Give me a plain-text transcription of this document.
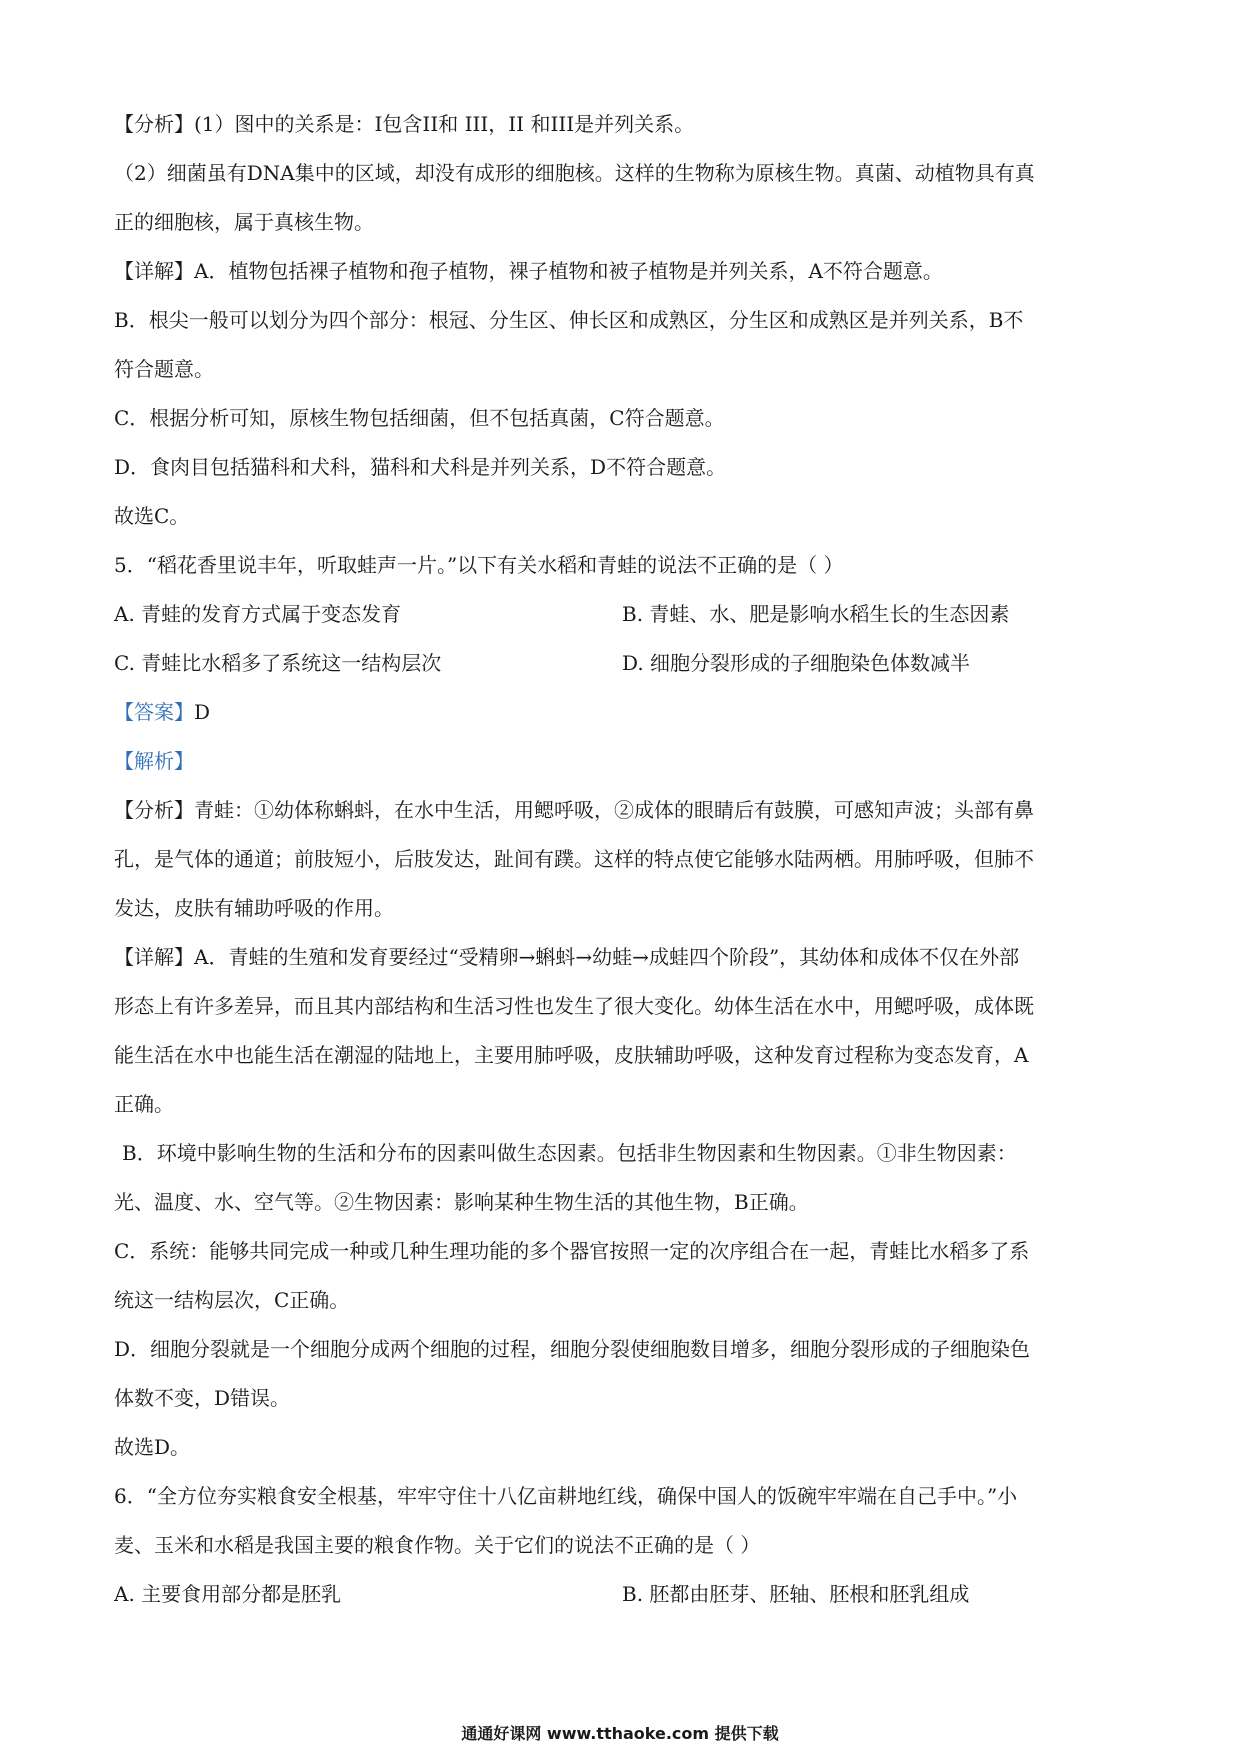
【分析】(1）图中的关系是：I包含II和 III，II 和III是并列关系。

（2）细菌虽有DNA集中的区域，却没有成形的细胞核。这样的生物称为原核生物。真菌、动植物具有真

正的细胞核，属于真核生物。

【详解】A．植物包括裸子植物和孢子植物，裸子植物和被子植物是并列关系，A不符合题意。

B．根尖一般可以划分为四个部分：根冠、分生区、伸长区和成熟区，分生区和成熟区是并列关系，B不

符合题意。

C．根据分析可知，原核生物包括细菌，但不包括真菌，C符合题意。

D．食肉目包括猫科和犬科，猫科和犬科是并列关系，D不符合题意。

故选C。

5．“稻花香里说丰年，听取蛙声一片。”以下有关水稻和青蛙的说法不正确的是（ ）

A. 青蛙的发育方式属于变态发育	B. 青蛙、水、肥是影响水稻生长的生态因素
C. 青蛙比水稻多了系统这一结构层次	D. 细胞分裂形成的子细胞染色体数减半

【答案】D

【解析】

【分析】青蛙：①幼体称蝌蚪，在水中生活，用鳃呼吸，②成体的眼睛后有鼓膜，可感知声波；头部有鼻

孔，是气体的通道；前肢短小，后肢发达，趾间有蹼。这样的特点使它能够水陆两栖。用肺呼吸，但肺不

发达，皮肤有辅助呼吸的作用。

【详解】A．青蛙的生殖和发育要经过“受精卵→蝌蚪→幼蛙→成蛙四个阶段”，其幼体和成体不仅在外部

形态上有许多差异，而且其内部结构和生活习性也发生了很大变化。幼体生活在水中，用鳃呼吸，成体既

能生活在水中也能生活在潮湿的陆地上，主要用肺呼吸，皮肤辅助呼吸，这种发育过程称为变态发育，A

正确。

B．环境中影响生物的生活和分布的因素叫做生态因素。包括非生物因素和生物因素。①非生物因素：

光、温度、水、空气等。②生物因素：影响某种生物生活的其他生物，B正确。

C．系统：能够共同完成一种或几种生理功能的多个器官按照一定的次序组合在一起，青蛙比水稻多了系

统这一结构层次，C正确。

D．细胞分裂就是一个细胞分成两个细胞的过程，细胞分裂使细胞数目增多，细胞分裂形成的子细胞染色

体数不变，D错误。

故选D。

6．“全方位夯实粮食安全根基，牢牢守住十八亿亩耕地红线，确保中国人的饭碗牢牢端在自己手中。”小

麦、玉米和水稻是我国主要的粮食作物。关于它们的说法不正确的是（ ）

A. 主要食用部分都是胚乳	B. 胚都由胚芽、胚轴、胚根和胚乳组成
通通好课网 www.tthaoke.com 提供下载
